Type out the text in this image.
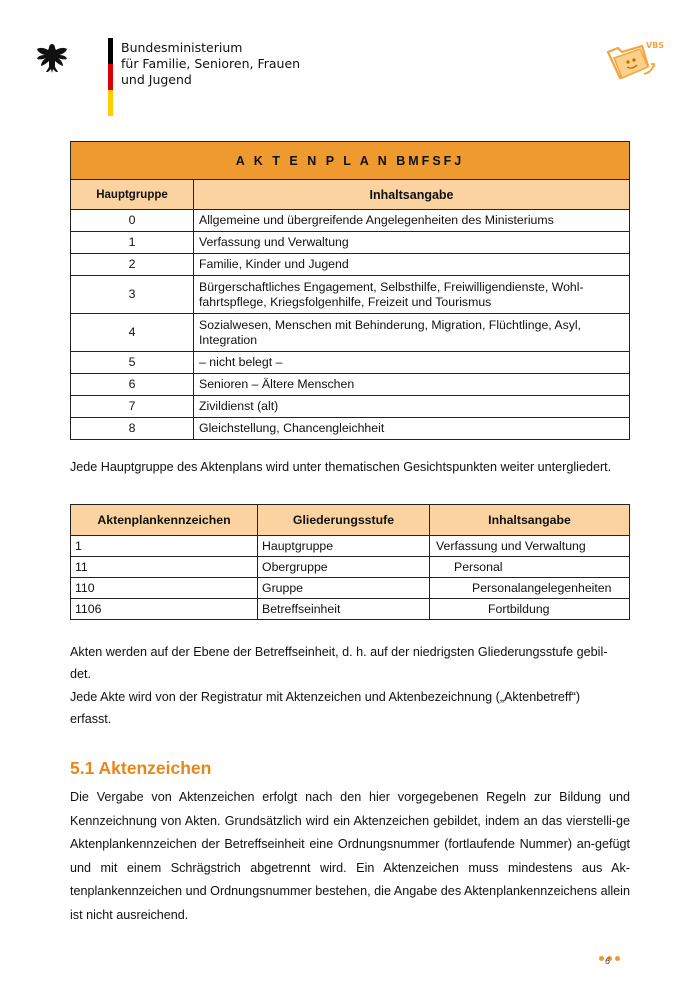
Bundesministerium
für Familie, Senioren, Frauen
und Jugend
VBS
A K T E N P L A N BMFSFJ	
Hauptgruppe	Inhaltsangabe
0	Allgemeine und übergreifende Angelegenheiten des Ministeriums
1	Verfassung und Verwaltung
2	Familie, Kinder und Jugend
3	Bürgerschaftliches Engagement, Selbsthilfe, Freiwilligendienste, Wohl-fahrtspflege, Kriegsfolgenhilfe, Freizeit und Tourismus
4	Sozialwesen, Menschen mit Behinderung, Migration, Flüchtlinge, Asyl, Integration
5	– nicht belegt –
6	Senioren – Ältere Menschen
7	Zivildienst (alt)
8	Gleichstellung, Chancengleichheit

Jede Hauptgruppe des Aktenplans wird unter thematischen Gesichtspunkten weiter untergliedert.

Aktenplankennzeichen	Gliederungsstufe	Inhaltsangabe
1	Hauptgruppe	Verfassung und Verwaltung
11	Obergruppe	Personal
110	Gruppe	Personalangelegenheiten
1106	Betreffseinheit	Fortbildung
Akten werden auf der Ebene der Betreffseinheit, d. h. auf der niedrigsten Gliederungsstufe gebil-
det.
Jede Akte wird von der Registratur mit Aktenzeichen und Aktenbezeichnung („Aktenbetreff“)
erfasst.
5.1 Aktenzeichen

Die Vergabe von Aktenzeichen erfolgt nach den hier vorgegebenen Regeln zur Bildung und Kennzeichnung von Akten. Grundsätzlich wird ein Aktenzeichen gebildet, indem an das vierstelli-ge Aktenplankennzeichen der Betreffseinheit eine Ordnungsnummer (fortlaufende Nummer) an-gefügt und mit einem Schrägstrich abgetrennt wird. Ein Aktenzeichen muss mindestens aus Ak-tenplankennzeichen und Ordnungsnummer bestehen, die Angabe des Aktenplankennzeichens allein ist nicht ausreichend.

6
